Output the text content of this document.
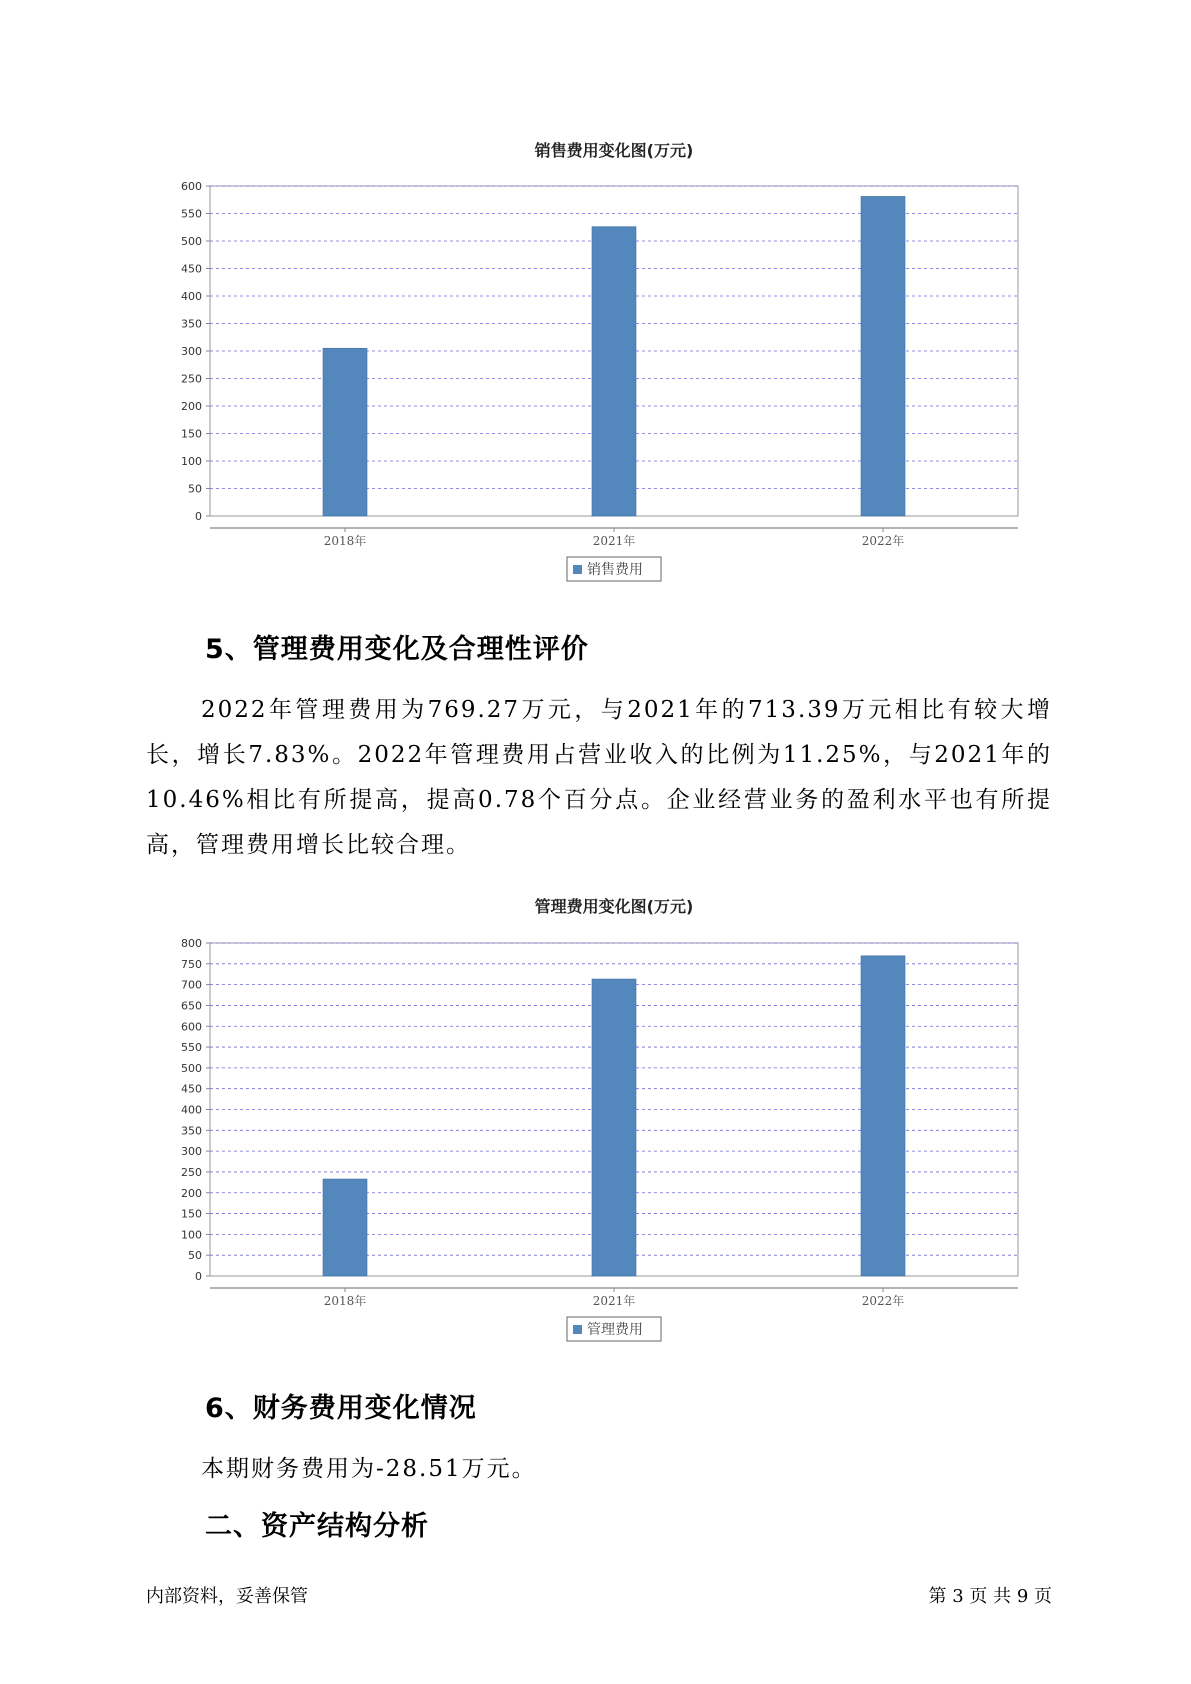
销售费用变化图(万元)
0
50
100
150
200
250
300
350
400
450
500
550
600
2018年	2021年	2022年
销售费用
5、管理费用变化及合理性评价

2022年管理费用为769.27万元，与2021年的713.39万元相比有较大增长，增长7.83%。2022年管理费用占营业收入的比例为11.25%，与2021年的10.46%相比有所提高，提高0.78个百分点。企业经营业务的盈利水平也有所提高，管理费用增长比较合理。

管理费用变化图(万元)
0
50
100
150
200
250
300
350
400
450
500
550
600
650
700
750
800
2018年	2021年	2022年
管理费用
6、财务费用变化情况

本期财务费用为-28.51万元。

二、资产结构分析
内部资料，妥善保管	第 3 页 共 9 页
